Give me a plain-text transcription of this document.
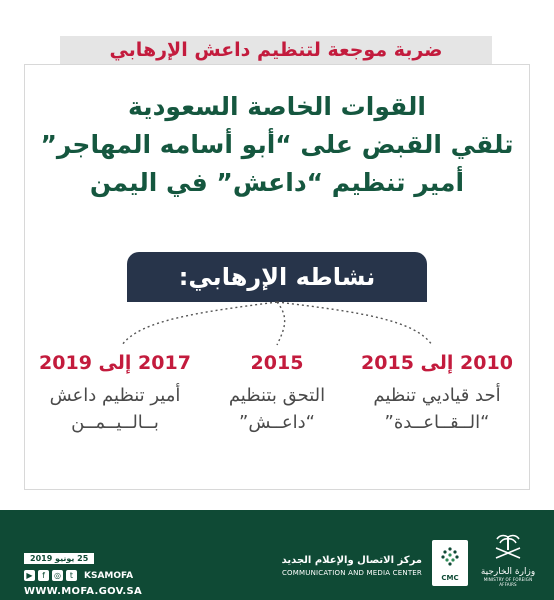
ضربة موجعة لتنظيم داعش الإرهابي
القوات الخاصة السعودية
تلقي القبض على “أبو أسامه المهاجر”
أمير تنظيم “داعش” في اليمن
نشاطه الإرهابي:
2010 إلى 2015
أحد قياديي تنظيم
“الــقــاعــدة”
2015
التحق بتنظيم
“داعــش”
2017 إلى 2019
أمير تنظيم داعش
بــالــيــمــن
25 يونيو 2019
▶	f	◎	t	KSAMOFA
WWW.MOFA.GOV.SA
مركز الاتصال والإعلام الجديد
COMMUNICATION AND MEDIA CENTER
CMC
وزارة الخارجية
MINISTRY OF FOREIGN AFFAIRS
